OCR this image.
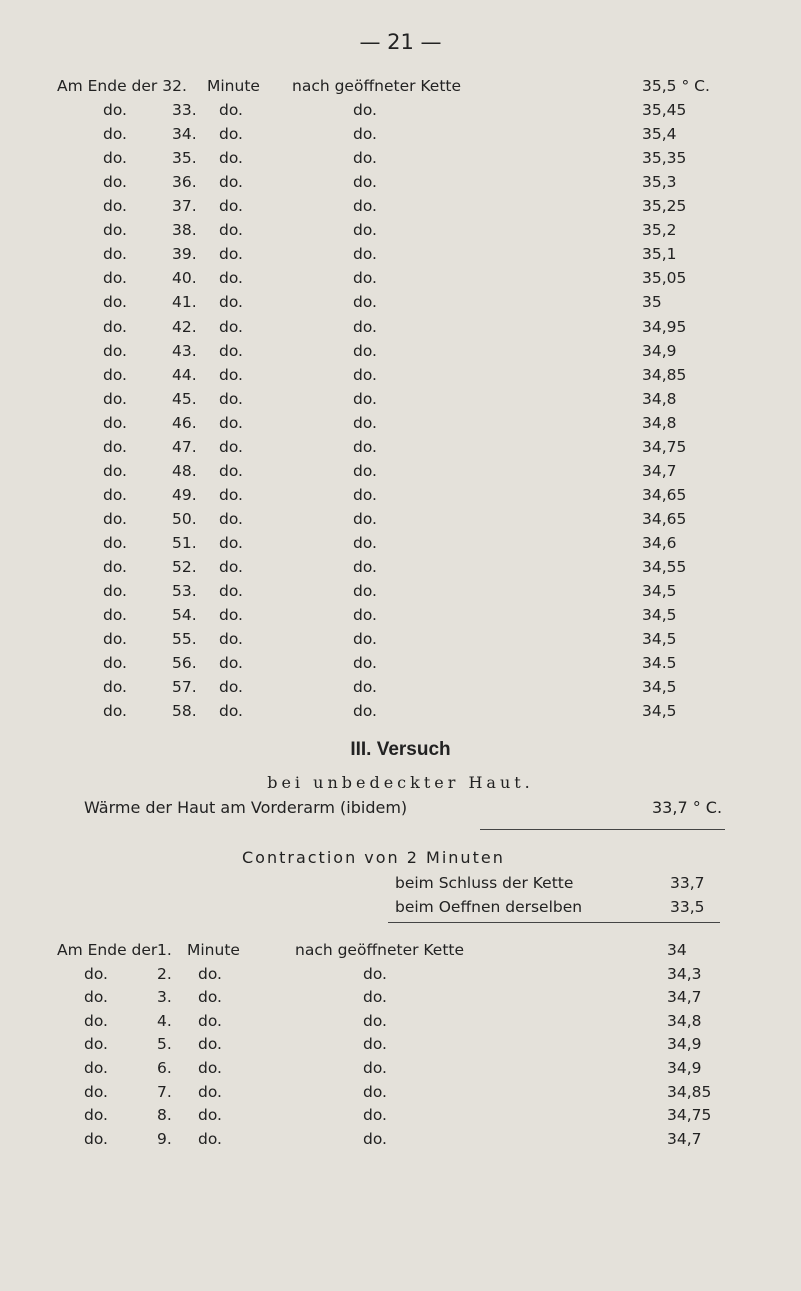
— 21 —
Am Ende der 32. Minute nach geöffneter Kette	35,5 ° C.
do.	33. do.	do.	35,45
do.	34. do.	do.	35,4
do.	35. do.	do.	35,35
do.	36. do.	do.	35,3
do.	37. do.	do.	35,25
do.	38. do.	do.	35,2
do.	39. do.	do.	35,1
do.	40. do.	do.	35,05
do.	41. do.	do.	35
do.	42. do.	do.	34,95
do.	43. do.	do.	34,9
do.	44. do.	do.	34,85
do.	45. do.	do.	34,8
do.	46. do.	do.	34,8
do.	47. do.	do.	34,75
do.	48. do.	do.	34,7
do.	49. do.	do.	34,65
do.	50. do.	do.	34,65
do.	51. do.	do.	34,6
do.	52. do.	do.	34,55
do.	53. do.	do.	34,5
do.	54. do.	do.	34,5
do.	55. do.	do.	34,5
do.	56. do.	do.	34.5
do.	57. do.	do.	34,5
do.	58. do.	do.	34,5
III. Versuch
bei unbedeckter Haut.
Wärme der Haut am Vorderarm (ibidem)	33,7 ° C.
Contraction von 2 Minuten
beim Schluss der Kette	33,7
beim Oeffnen derselben	33,5
Am Ende der 1. Minute	nach geöffneter Kette	34
do.	2. do.	do.	34,3
do.	3. do.	do.	34,7
do.	4. do.	do.	34,8
do.	5. do.	do.	34,9
do.	6. do.	do.	34,9
do.	7. do.	do.	34,85
do.	8. do.	do.	34,75
do.	9. do.	do.	34,7
